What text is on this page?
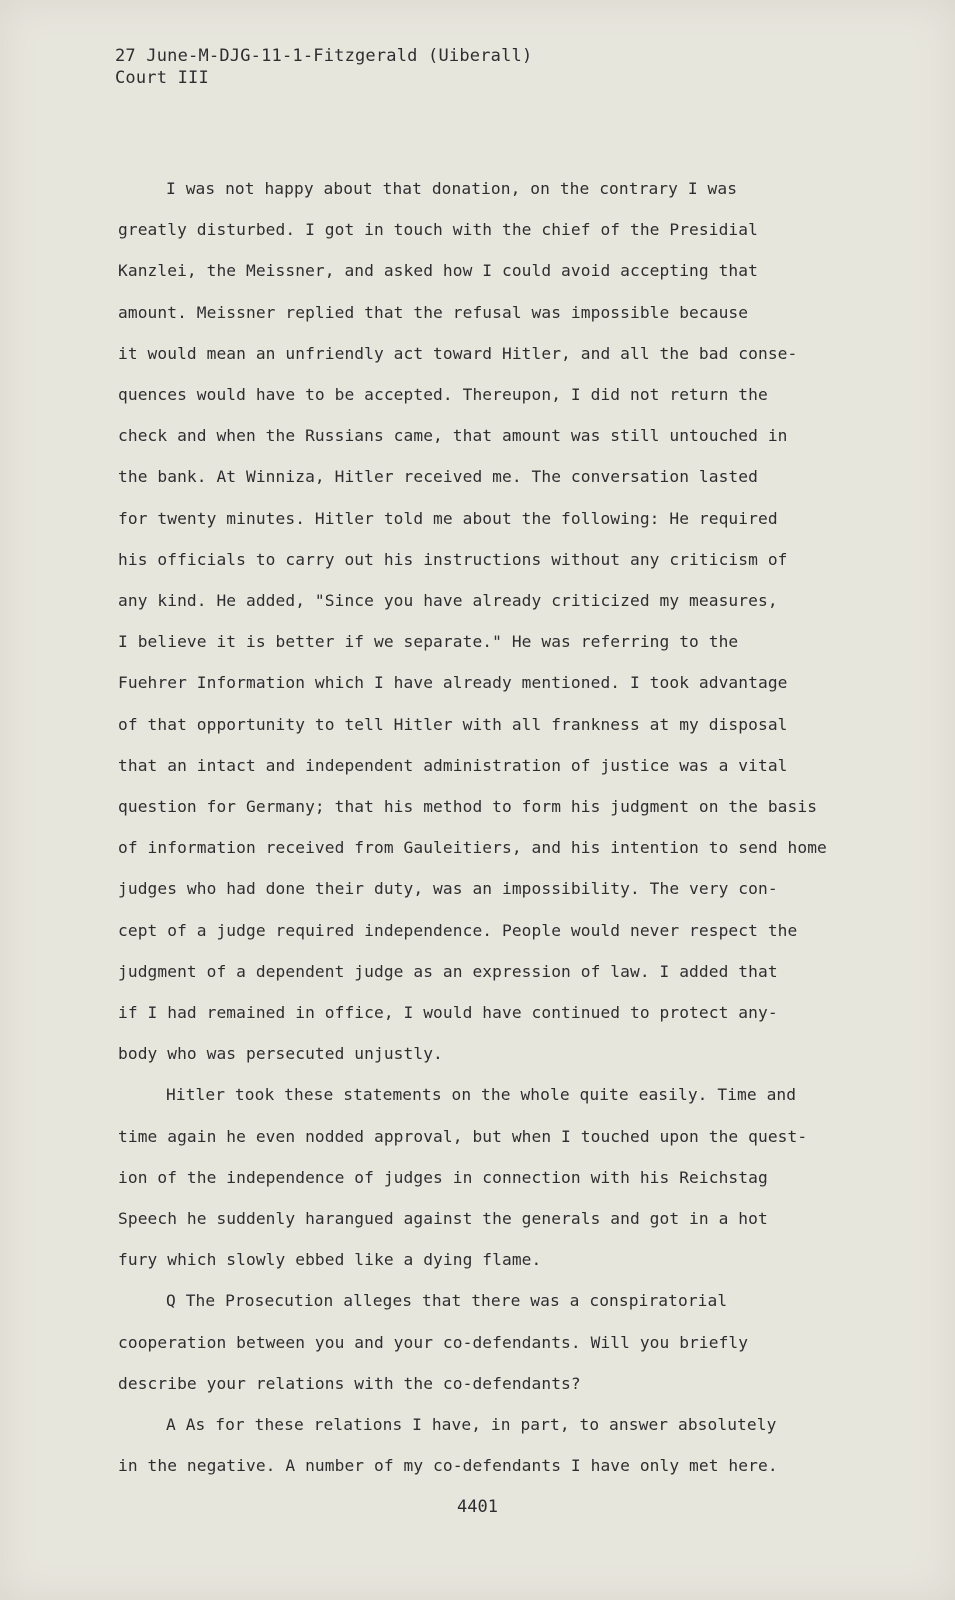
27 June-M-DJG-11-1-Fitzgerald (Uiberall)
Court III

I was not happy about that donation, on the contrary I was
greatly disturbed. I got in touch with the chief of the Presidial
Kanzlei, the Meissner, and asked how I could avoid accepting that
amount. Meissner replied that the refusal was impossible because
it would mean an unfriendly act toward Hitler, and all the bad conse-
quences would have to be accepted. Thereupon, I did not return the
check and when the Russians came, that amount was still untouched in
the bank. At Winniza, Hitler received me. The conversation lasted
for twenty minutes. Hitler told me about the following: He required
his officials to carry out his instructions without any criticism of
any kind. He added, "Since you have already criticized my measures,
I believe it is better if we separate." He was referring to the
Fuehrer Information which I have already mentioned. I took advantage
of that opportunity to tell Hitler with all frankness at my disposal
that an intact and independent administration of justice was a vital
question for Germany; that his method to form his judgment on the basis
of information received from Gauleitiers, and his intention to send home
judges who had done their duty, was an impossibility. The very con-
cept of a judge required independence. People would never respect the
judgment of a dependent judge as an expression of law. I added that
if I had remained in office, I would have continued to protect any-
body who was persecuted unjustly.

Hitler took these statements on the whole quite easily. Time and
time again he even nodded approval, but when I touched upon the quest-
ion of the independence of judges in connection with his Reichstag
Speech he suddenly harangued against the generals and got in a hot
fury which slowly ebbed like a dying flame.

Q The Prosecution alleges that there was a conspiratorial
cooperation between you and your co-defendants. Will you briefly
describe your relations with the co-defendants?

A As for these relations I have, in part, to answer absolutely
in the negative. A number of my co-defendants I have only met here.

4401
